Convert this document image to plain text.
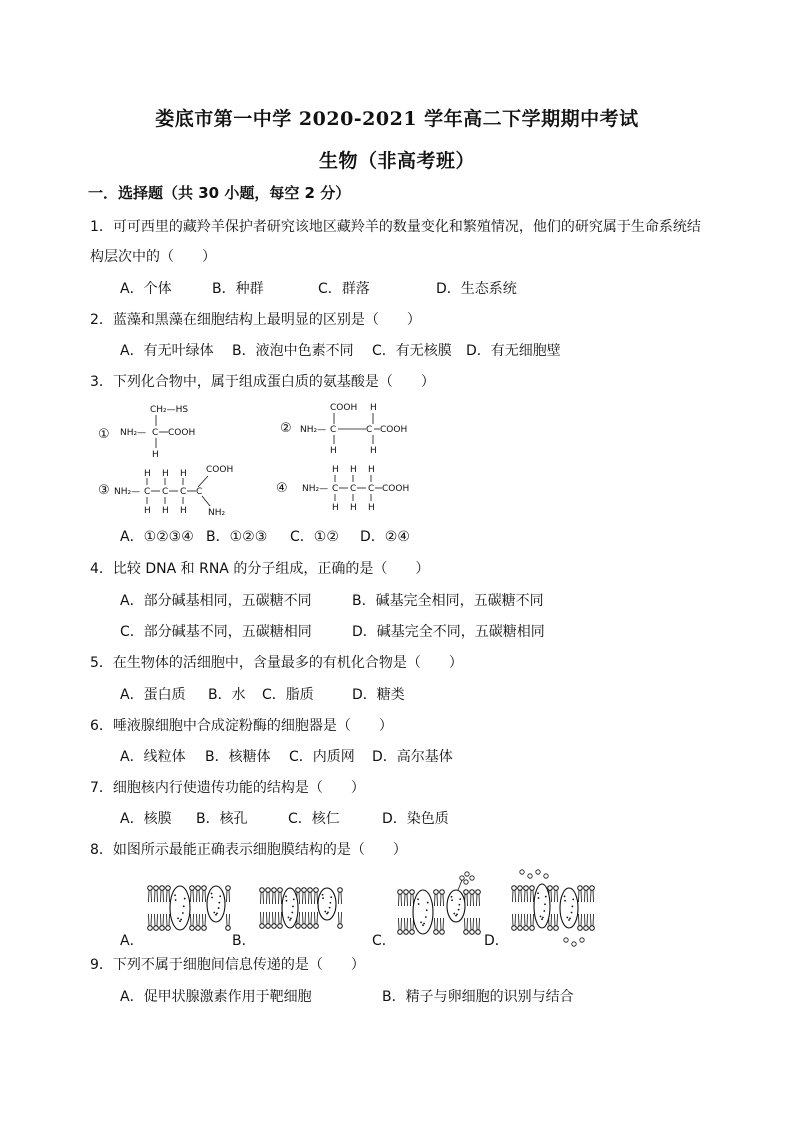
娄底市第一中学 2020-2021 学年高二下学期期中考试
生物（非高考班）
一．选择题（共 30 小题，每空 2 分）
1．可可西里的藏羚羊保护者研究该地区藏羚羊的数量变化和繁殖情况，他们的研究属于生命系统结
构层次中的（　　）
A．个体	B．种群	C．群落	D．生态系统
2．蓝藻和黑藻在细胞结构上最明显的区别是（　　）
A．有无叶绿体 B．液泡中色素不同 C．有无核膜 D．有无细胞壁
3．下列化合物中，属于组成蛋白质的氨基酸是（　　）
①
CH₂—HS
NH₂— C COOH
H
②
COOH H
NH₂— C	C COOH
H	H
③
COOH
H H H
NH₂— C C C C
H H H NH₂
④
H H H
NH₂— C C C COOH
H H H
A．①②③④ B．①②③ C．①② D．②④
4．比较 DNA 和 RNA 的分子组成，正确的是（　　）
A．部分碱基相同，五碳糖不同	B．碱基完全相同，五碳糖不同
C．部分碱基不同，五碳糖相同	D．碱基完全不同，五碳糖相同
5．在生物体的活细胞中，含量最多的有机化合物是（　　）
A．蛋白质 B．水 C．脂质	D．糖类
6．唾液腺细胞中合成淀粉酶的细胞器是（　　）
A．线粒体 B．核糖体 C．内质网 D．高尔基体
7．细胞核内行使遗传功能的结构是（　　）
A．核膜 B．核孔	C．核仁	D．染色质
8．如图所示最能正确表示细胞膜结构的是（　　）
A．	B．	C．	D．
9．下列不属于细胞间信息传递的是（　　）
A．促甲状腺激素作用于靶细胞	B．精子与卵细胞的识别与结合
